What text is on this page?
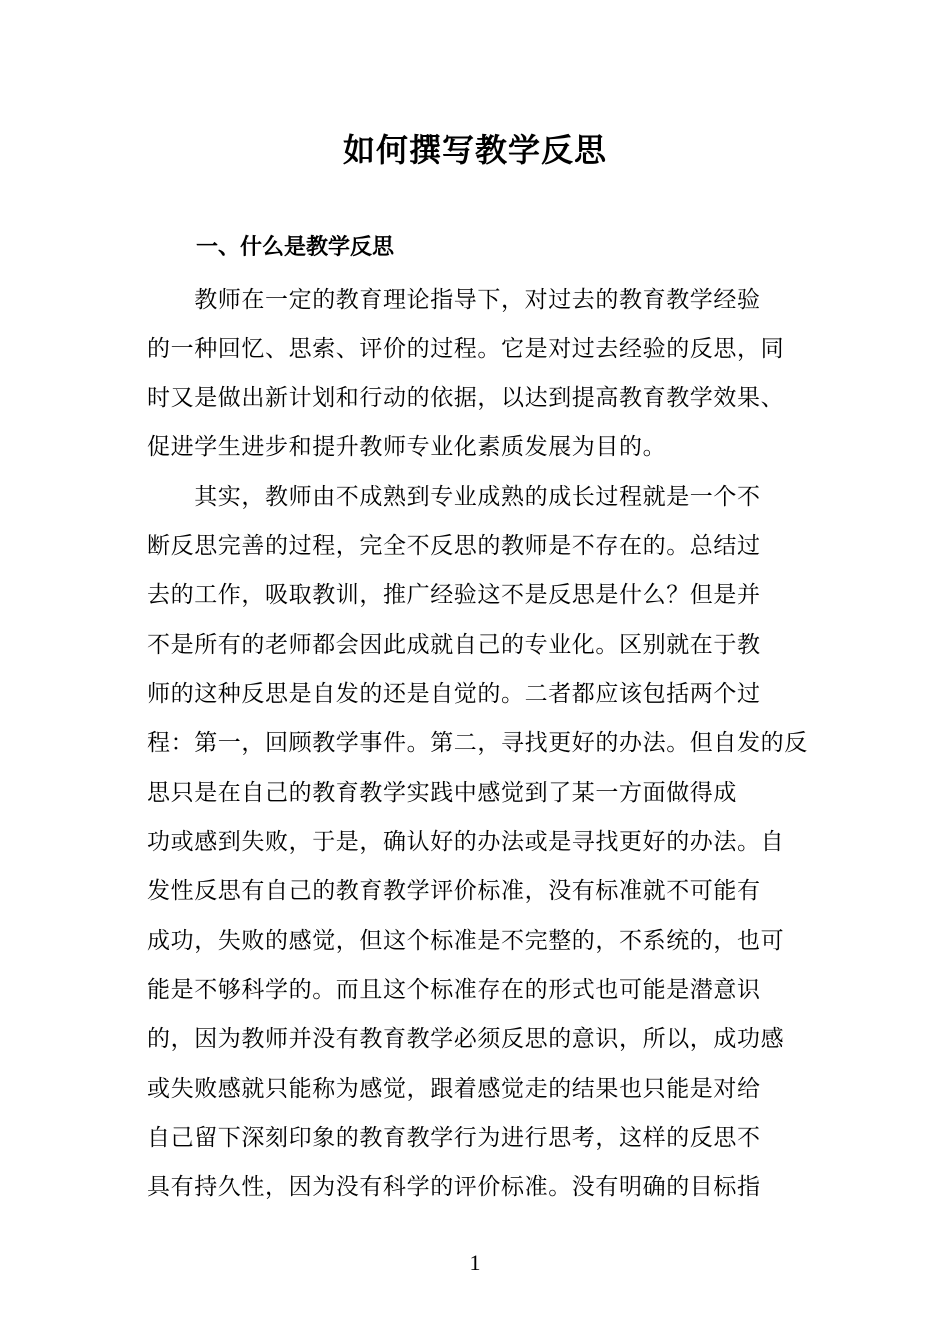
如何撰写教学反思
一、什么是教学反思
　　教师在一定的教育理论指导下，对过去的教育教学经验
的一种回忆、思索、评价的过程。它是对过去经验的反思，同
时又是做出新计划和行动的依据，以达到提高教育教学效果、
促进学生进步和提升教师专业化素质发展为目的。
　　其实，教师由不成熟到专业成熟的成长过程就是一个不
断反思完善的过程，完全不反思的教师是不存在的。总结过
去的工作，吸取教训，推广经验这不是反思是什么？但是并
不是所有的老师都会因此成就自己的专业化。区别就在于教
师的这种反思是自发的还是自觉的。二者都应该包括两个过
程：第一，回顾教学事件。第二，寻找更好的办法。但自发的反
思只是在自己的教育教学实践中感觉到了某一方面做得成
功或感到失败，于是，确认好的办法或是寻找更好的办法。自
发性反思有自己的教育教学评价标准，没有标准就不可能有
成功，失败的感觉，但这个标准是不完整的，不系统的，也可
能是不够科学的。而且这个标准存在的形式也可能是潜意识
的，因为教师并没有教育教学必须反思的意识，所以，成功感
或失败感就只能称为感觉，跟着感觉走的结果也只能是对给
自己留下深刻印象的教育教学行为进行思考，这样的反思不
具有持久性，因为没有科学的评价标准。没有明确的目标指
1
